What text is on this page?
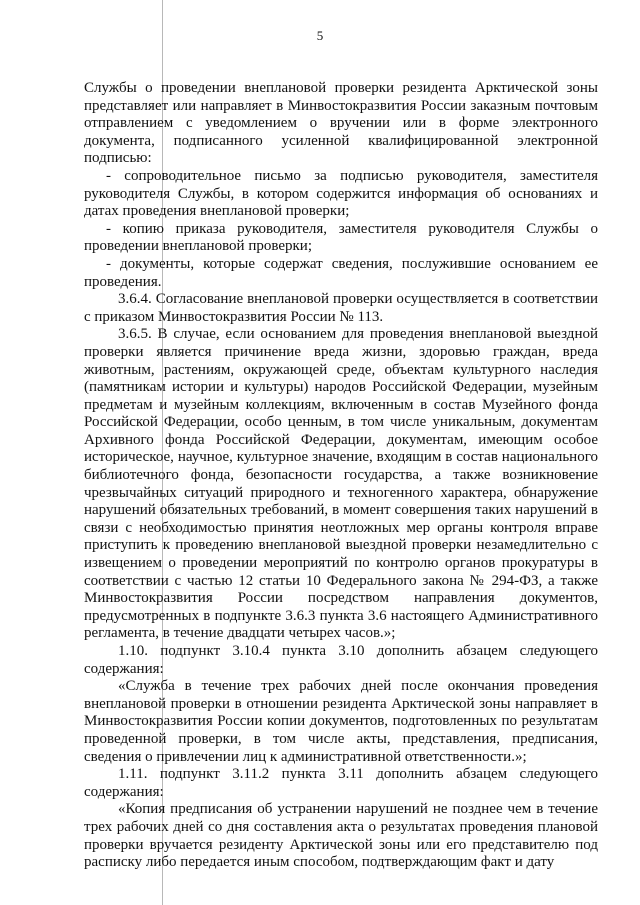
5

Службы о проведении внеплановой проверки резидента Арктической зоны представляет или направляет в Минвостокразвития России заказным почтовым отправлением с уведомлением о вручении или в форме электронного документа, подписанного усиленной квалифицированной электронной подписью:

- сопроводительное письмо за подписью руководителя, заместителя руководителя Службы, в котором содержится информация об основаниях и датах проведения внеплановой проверки;

- копию приказа руководителя, заместителя руководителя Службы о проведении внеплановой проверки;

- документы, которые содержат сведения, послужившие основанием ее проведения.

3.6.4. Согласование внеплановой проверки осуществляется в соответствии с приказом Минвостокразвития России № 113.

3.6.5. В случае, если основанием для проведения внеплановой выездной проверки является причинение вреда жизни, здоровью граждан, вреда животным, растениям, окружающей среде, объектам культурного наследия (памятникам истории и культуры) народов Российской Федерации, музейным предметам и музейным коллекциям, включенным в состав Музейного фонда Российской Федерации, особо ценным, в том числе уникальным, документам Архивного фонда Российской Федерации, документам, имеющим особое историческое, научное, культурное значение, входящим в состав национального библиотечного фонда, безопасности государства, а также возникновение чрезвычайных ситуаций природного и техногенного характера, обнаружение нарушений обязательных требований, в момент совершения таких нарушений в связи с необходимостью принятия неотложных мер органы контроля вправе приступить к проведению внеплановой выездной проверки незамедлительно с извещением о проведении мероприятий по контролю органов прокуратуры в соответствии с частью 12 статьи 10 Федерального закона № 294-ФЗ, а также Минвостокразвития России посредством направления документов, предусмотренных в подпункте 3.6.3 пункта 3.6 настоящего Административного регламента, в течение двадцати четырех часов.»;

1.10. подпункт 3.10.4 пункта 3.10 дополнить абзацем следующего содержания:

«Служба в течение трех рабочих дней после окончания проведения внеплановой проверки в отношении резидента Арктической зоны направляет в Минвостокразвития России копии документов, подготовленных по результатам проведенной проверки, в том числе акты, представления, предписания, сведения о привлечении лиц к административной ответственности.»;

1.11. подпункт 3.11.2 пункта 3.11 дополнить абзацем следующего содержания:

«Копия предписания об устранении нарушений не позднее чем в течение трех рабочих дней со дня составления акта о результатах проведения плановой проверки вручается резиденту Арктической зоны или его представителю под расписку либо передается иным способом, подтверждающим факт и дату
